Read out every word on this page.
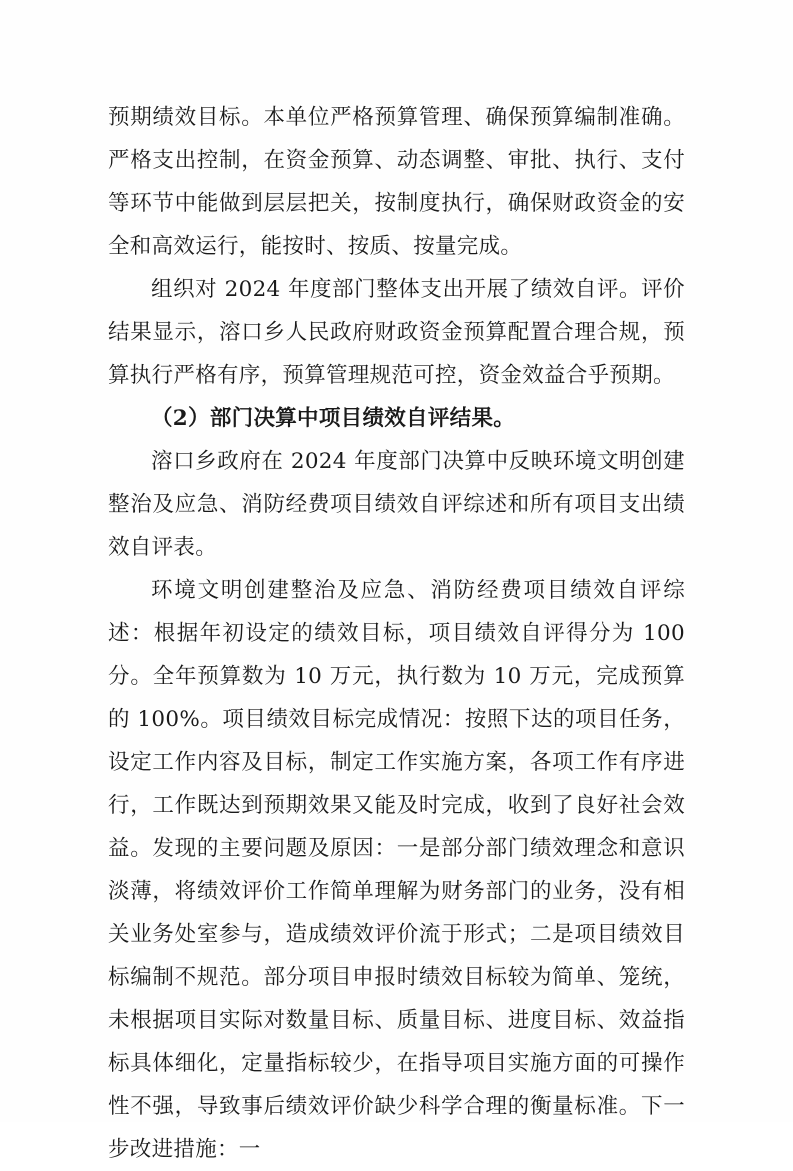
预期绩效目标。本单位严格预算管理、确保预算编制准确。严格支出控制，在资金预算、动态调整、审批、执行、支付等环节中能做到层层把关，按制度执行，确保财政资金的安全和高效运行，能按时、按质、按量完成。

组织对 2024 年度部门整体支出开展了绩效自评。评价结果显示，溶口乡人民政府财政资金预算配置合理合规，预算执行严格有序，预算管理规范可控，资金效益合乎预期。

（2）部门决算中项目绩效自评结果。

溶口乡政府在 2024 年度部门决算中反映环境文明创建整治及应急、消防经费项目绩效自评综述和所有项目支出绩效自评表。

环境文明创建整治及应急、消防经费项目绩效自评综述：根据年初设定的绩效目标，项目绩效自评得分为 100 分。全年预算数为 10 万元，执行数为 10 万元，完成预算的 100%。项目绩效目标完成情况：按照下达的项目任务，设定工作内容及目标，制定工作实施方案，各项工作有序进行，工作既达到预期效果又能及时完成，收到了良好社会效益。发现的主要问题及原因：一是部分部门绩效理念和意识淡薄，将绩效评价工作简单理解为财务部门的业务，没有相关业务处室参与，造成绩效评价流于形式；二是项目绩效目标编制不规范。部分项目申报时绩效目标较为简单、笼统，未根据项目实际对数量目标、质量目标、进度目标、效益指标具体细化，定量指标较少，在指导项目实施方面的可操作性不强，导致事后绩效评价缺少科学合理的衡量标准。下一步改进措施：一
